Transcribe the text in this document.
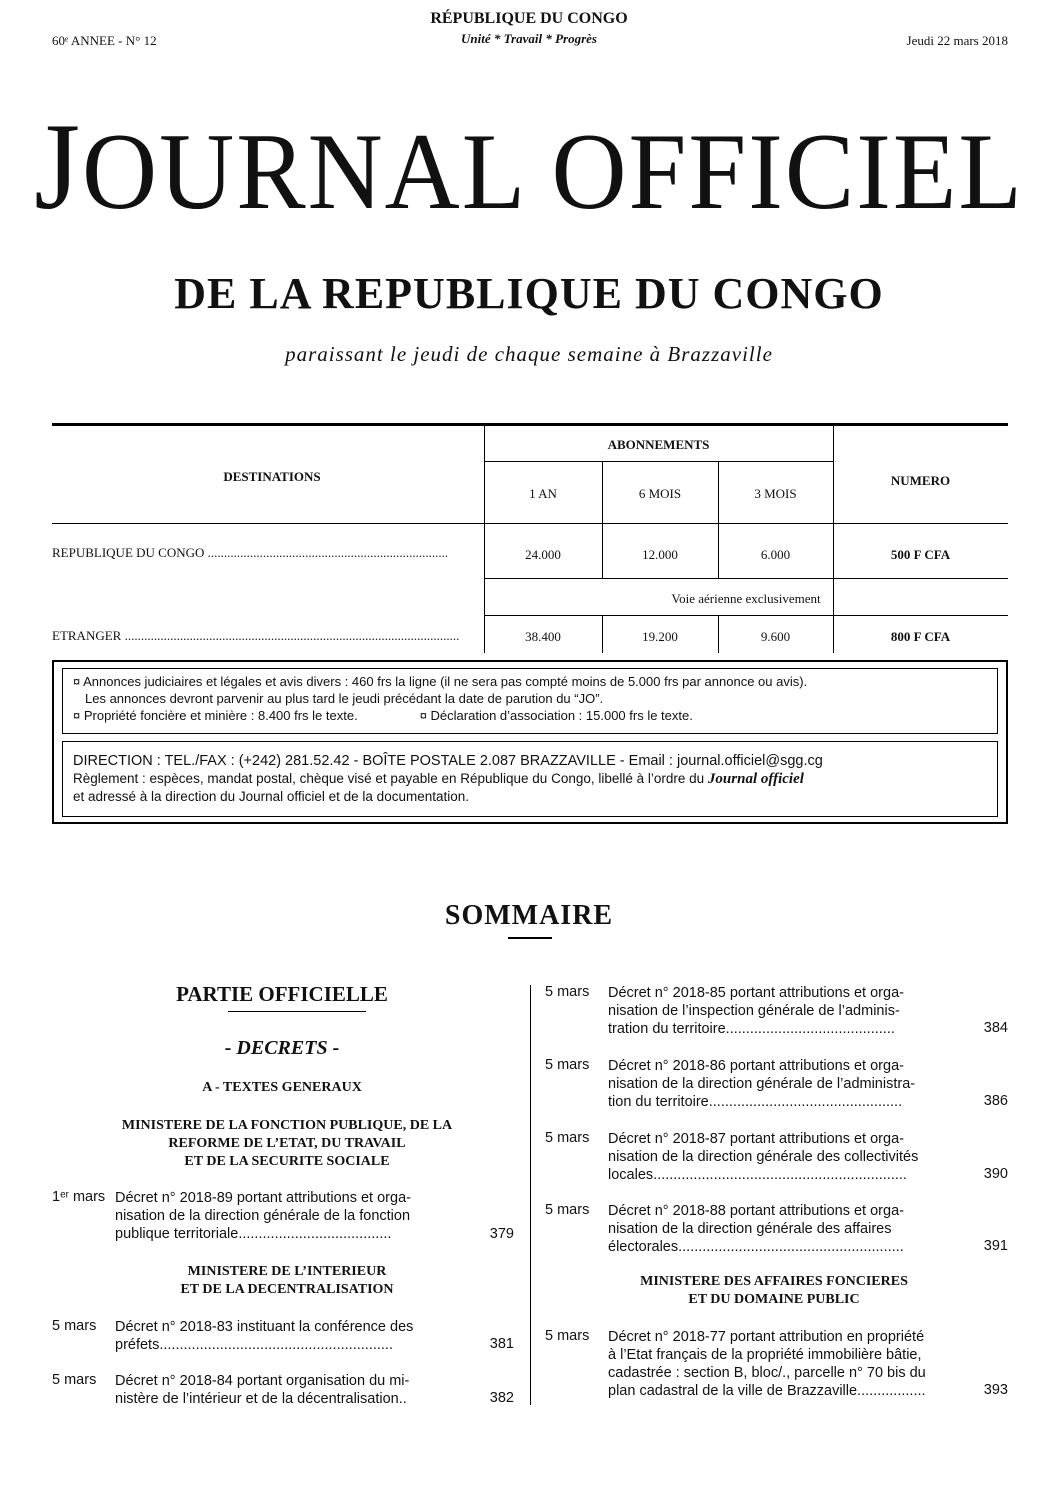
60ᵉ ANNEE - N° 12
RÉPUBLIQUE DU CONGO
Unité * Travail * Progrès	Jeudi 22 mars 2018
JOURNAL OFFICIEL
DE LA REPUBLIQUE DU CONGO
paraissant le jeudi de chaque semaine à Brazzaville
DESTINATIONS
ABONNEMENTS
1 AN	6 MOIS	3 MOIS
NUMERO
REPUBLIQUE DU CONGO ..........................................................................	24.000	12.000	6.000	500 F CFA
Voie aérienne exclusivement
ETRANGER .......................................................................................................	38.400	19.200	9.600	800 F CFA
¤ Annonces judiciaires et légales et avis divers : 460 frs la ligne (il ne sera pas compté moins de 5.000 frs par annonce ou avis).
Les annonces devront parvenir au plus tard le jeudi précédant la date de parution du “JO”.
¤ Propriété foncière et minière : 8.400 frs le texte.	¤ Déclaration d’association : 15.000 frs le texte.
DIRECTION : TEL./FAX : (+242) 281.52.42 - BOÎTE POSTALE 2.087 BRAZZAVILLE - Email : journal.officiel@sgg.cg
Règlement : espèces, mandat postal, chèque visé et payable en République du Congo, libellé à l’ordre du Journal officiel
et adressé à la direction du Journal officiel et de la documentation.
SOMMAIRE
PARTIE OFFICIELLE
- DECRETS -
A - TEXTES GENERAUX
MINISTERE DE LA FONCTION PUBLIQUE, DE LA
REFORME DE L’ETAT, DU TRAVAIL
ET DE LA SECURITE SOCIALE
1ᵉʳ mars Décret n° 2018-89 portant attributions et orga-
nisation de la direction générale de la fonction
publique territoriale......................................	379
MINISTERE DE L’INTERIEUR
ET DE LA DECENTRALISATION
5 mars Décret n° 2018-83 instituant la conférence des
préfets..........................................................	381
5 mars Décret n° 2018-84 portant organisation du mi-
nistère de l’intérieur et de la décentralisation..	382
5 mars Décret n° 2018-85 portant attributions et orga-
nisation de l’inspection générale de l’adminis-
tration du territoire..........................................	384
5 mars Décret n° 2018-86 portant attributions et orga-
nisation de la direction générale de l’administra-
tion du territoire................................................	386
5 mars Décret n° 2018-87 portant attributions et orga-
nisation de la direction générale des collectivités
locales...............................................................	390
5 mars Décret n° 2018-88 portant attributions et orga-
nisation de la direction générale des affaires
électorales........................................................	391
MINISTERE DES AFFAIRES FONCIERES
ET DU DOMAINE PUBLIC
5 mars Décret n° 2018-77 portant attribution en propriété
à l’Etat français de la propriété immobilière bâtie,
cadastrée : section B, bloc/., parcelle n° 70 bis du
plan cadastral de la ville de Brazzaville.................	393
